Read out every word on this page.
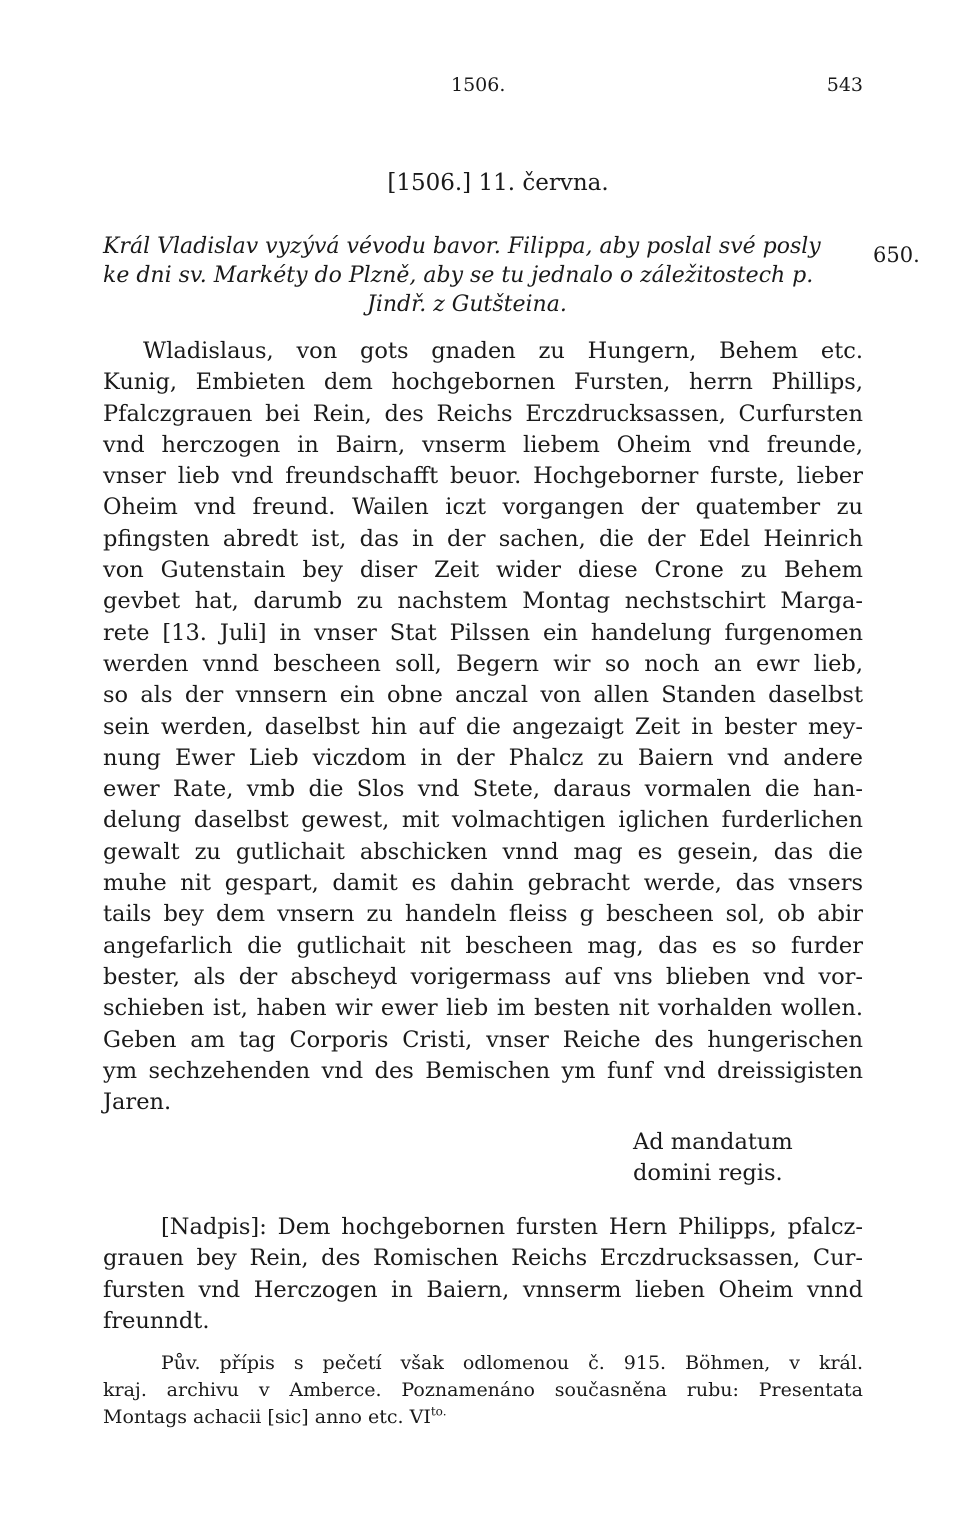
1506.	543
[1506.] 11. června.
650.
Král Vladislav vyzývá vévodu bavor. Filippa, aby poslal své posly
ke dni sv. Markéty do Plzně, aby se tu jednalo o záležitostech p.
Jindř. z Gutšteina.
Wladislaus, von gots gnaden zu Hungern, Behem etc.
Kunig, Embieten dem hochgebornen Fursten, herrn Phillips,
Pfalczgrauen bei Rein, des Reichs Erczdrucksassen, Curfursten
vnd herczogen in Bairn, vnserm liebem Oheim vnd freunde,
vnser lieb vnd freundschafft beuor. Hochgeborner furste, lieber
Oheim vnd freund. Wailen iczt vorgangen der quatember zu
pfingsten abredt ist, das in der sachen, die der Edel Heinrich
von Gutenstain bey diser Zeit wider diese Crone zu Behem
gevbet hat, darumb zu nachstem Montag nechstschirt Marga-
rete [13. Juli] in vnser Stat Pilssen ein handelung furgenomen
werden vnnd bescheen soll, Begern wir so noch an ewr lieb,
so als der vnnsern ein obne anczal von allen Standen daselbst
sein werden, daselbst hin auf die angezaigt Zeit in bester mey-
nung Ewer Lieb viczdom in der Phalcz zu Baiern vnd andere
ewer Rate, vmb die Slos vnd Stete, daraus vormalen die han-
delung daselbst gewest, mit volmachtigen iglichen furderlichen
gewalt zu gutlichait abschicken vnnd mag es gesein, das die
muhe nit gespart, damit es dahin gebracht werde, das vnsers
tails bey dem vnsern zu handeln fleiss g bescheen sol, ob abir
angefarlich die gutlichait nit bescheen mag, das es so furder
bester, als der abscheyd vorigermass auf vns blieben vnd vor-
schieben ist, haben wir ewer lieb im besten nit vorhalden wollen.
Geben am tag Corporis Cristi, vnser Reiche des hungerischen
ym sechzehenden vnd des Bemischen ym funf vnd dreissigisten
Jaren.
Ad mandatum
domini regis.
[Nadpis]: Dem hochgebornen fursten Hern Philipps, pfalcz-
grauen bey Rein, des Romischen Reichs Erczdrucksassen, Cur-
fursten vnd Herczogen in Baiern, vnnserm lieben Oheim vnnd
freunndt.
Pův. přípis s pečetí však odlomenou č. 915. Böhmen, v král.
kraj. archivu v Amberce. Poznamenáno současněna rubu: Presentata
Montags achacii [sic] anno etc. $VI^{to.}$
